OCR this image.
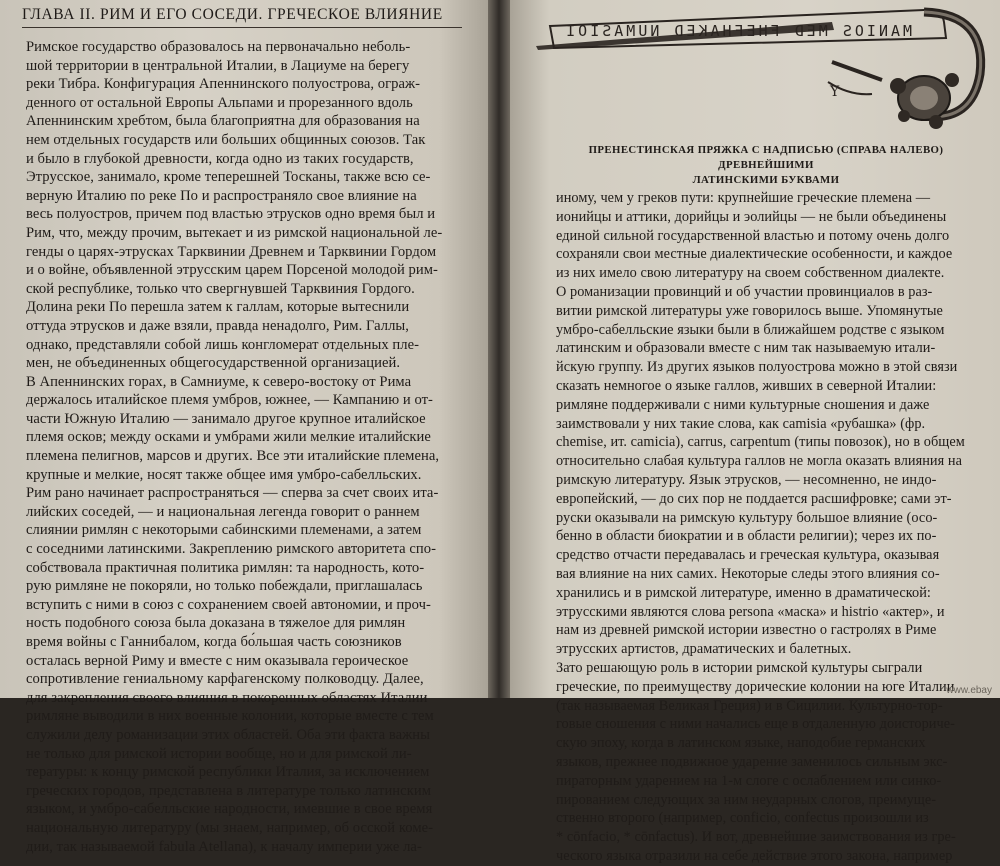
ГЛАВА II. РИМ И ЕГО СОСЕДИ. ГРЕЧЕСКОЕ ВЛИЯНИЕ
Римское государство образовалось на первоначально неболь-
шой территории в центральной Италии, в Лациуме на берегу
реки Тибра. Конфигурация Апеннинского полуострова, ограж-
денного от остальной Европы Альпами и прорезанного вдоль
Апеннинским хребтом, была благоприятна для образования на
нем отдельных государств или больших общинных союзов. Так
и было в глубокой древности, когда одно из таких государств,
Этрусское, занимало, кроме теперешней Тосканы, также всю се-
верную Италию по реке По и распространяло свое влияние на
весь полуостров, причем под властью этрусков одно время был и
Рим, что, между прочим, вытекает и из римской национальной ле-
генды о царях-этрусках Тарквинии Древнем и Тарквинии Гордом
и о войне, объявленной этрусским царем Порсеной молодой рим-
ской республике, только что свергнувшей Тарквиния Гордого.
Долина реки По перешла затем к галлам, которые вытеснили
оттуда этрусков и даже взяли, правда ненадолго, Рим. Галлы,
однако, представляли собой лишь конгломерат отдельных пле-
мен, не объединенных общегосударственной организацией.
В Апеннинских горах, в Самниуме, к северо-востоку от Рима
держалось италийское племя умбров, южнее, — Кампанию и от-
части Южную Италию — занимало другое крупное италийское
племя осков; между осками и умбрами жили мелкие италийские
племена пелигнов, марсов и других. Все эти италийские племена,
крупные и мелкие, носят также общее имя умбро-сабелльских.
Рим рано начинает распространяться — сперва за счет своих ита-
лийских соседей, — и национальная легенда говорит о раннем
слиянии римлян с некоторыми сабинскими племенами, а затем
с соседними латинскими. Закреплению римского авторитета спо-
собствовала практичная политика римлян: та народность, кото-
рую римляне не покоряли, но только побеждали, приглашалась
вступить с ними в союз с сохранением своей автономии, и проч-
ность подобного союза была доказана в тяжелое для римлян
время войны с Ганнибалом, когда бо́льшая часть союзников
осталась верной Риму и вместе с ним оказывала героическое
сопротивление гениальному карфагенскому полководцу. Далее,
для закрепления своего влияния в покоренных областях Италии
римляне выводили в них военные колонии, которые вместе с тем
служили делу романизации этих областей. Оба эти факта важны
не только для римской истории вообще, но и для римской ли-
тературы: к концу римской республики Италия, за исключением
греческих городов, представлена в литературе только латинским
языком, и умбро-сабелльские народности, имевшие в свое время
национальную литературу (мы знаем, например, об осской коме-
дии, так называемой fabula Atellana), к началу империи уже ла-
MANIOS MED FHEFHAKED NUMASIOI
Y
ПРЕНЕСТИНСКАЯ ПРЯЖКА С НАДПИСЬЮ (СПРАВА НАЛЕВО) ДРЕВНЕЙШИМИ
ЛАТИНСКИМИ БУКВАМИ
иному, чем у греков пути: крупнейшие греческие племена —
ионийцы и аттики, дорийцы и эолийцы — не были объединены
единой сильной государственной властью и потому очень долго
сохраняли свои местные диалектические особенности, и каждое
из них имело свою литературу на своем собственном диалекте.
О романизации провинций и об участии провинциалов в раз-
витии римской литературы уже говорилось выше. Упомянутые
умбро-сабелльские языки были в ближайшем родстве с языком
латинским и образовали вместе с ним так называемую итали-
йскую группу. Из других языков полуострова можно в этой связи
сказать немногое о языке галлов, живших в северной Италии:
римляне поддерживали с ними культурные сношения и даже
заимствовали у них такие слова, как camisia «рубашка» (фр.
chemise, ит. camicia), carrus, carpentum (типы повозок), но в общем
относительно слабая культура галлов не могла оказать влияния на
римскую литературу. Язык этрусков, — несомненно, не индо-
европейский, — до сих пор не поддается расшифровке; сами эт-
руски оказывали на римскую культуру большое влияние (осо-
бенно в области биократии и в области религии); через их по-
средство отчасти передавалась и греческая культура, оказывая
вая влияние на них самих. Некоторые следы этого влияния со-
хранились и в римской литературе, именно в драматической:
этрусскими являются слова persona «маска» и histrio «актер», и
нам из древней римской истории известно о гастролях в Риме
этрусских артистов, драматических и балетных.
Зато решающую роль в истории римской культуры сыграли
греческие, по преимуществу дорические колонии на юге Италии
(так называемая Великая Греция) и в Сицилии. Культурно-тор-
говые сношения с ними начались еще в отдаленную доисториче-
скую эпоху, когда в латинском языке, наподобие германских
языков, прежнее подвижное ударение заменилось сильным экс-
пираторным ударением на 1-м слоге с ослаблением или синко-
пированием следующих за ним неударных слогов, преимуще-
ственно второго (например, conficio, confectus произошли из
* cōnfacio, * cōnfactus). И вот, древнейшие заимствования из гре-
ческого языка отразили на себе действие этого закона, например
www.ebay
